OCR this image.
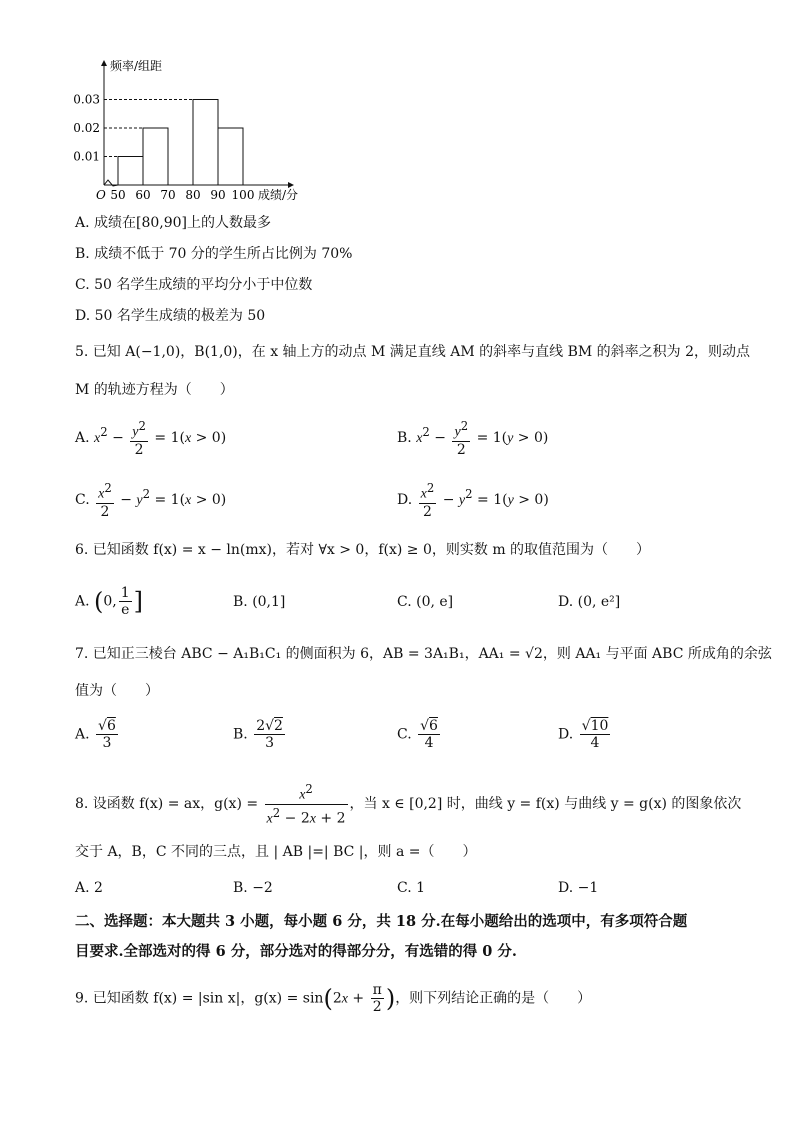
0.01
0.02
0.03
50 60 70 80 90 100
O
频率/组距
成绩/分
A. 成绩在[80,90]上的人数最多
B. 成绩不低于 70 分的学生所占比例为 70%
C. 50 名学生成绩的平均分小于中位数
D. 50 名学生成绩的极差为 50
5. 已知 A(−1,0)，B(1,0)，在 x 轴上方的动点 M 满足直线 AM 的斜率与直线 BM 的斜率之积为 2，则动点
M 的轨迹方程为（　　）
A. $x^2 - \frac{y^2}{2} = 1(x > 0)$	B. $x^2 - \frac{y^2}{2} = 1(y > 0)$
C. $\frac{x^2}{2} - y^2 = 1(x > 0)$	D. $\frac{x^2}{2} - y^2 = 1(y > 0)$
6. 已知函数 f(x) = x − ln(mx)，若对 ∀x > 0，f(x) ≥ 0，则实数 m 的取值范围为（　　）
A. (0, $\frac{1}{e}$ ]	B. (0,1]	C. (0, e]	D. (0, e²]
7. 已知正三棱台 ABC − A₁B₁C₁ 的侧面积为 6，AB = 3A₁B₁，AA₁ = √2，则 AA₁ 与平面 ABC 所成角的余弦
值为（　　）
A. $\frac{√6}{3}$	B. $\frac{2√2}{3}$	C. $\frac{√6}{4}$	D. $\frac{√10}{4}$
8. 设函数 f(x) = ax，$g(x) = \frac{x^2}{x^2 - 2x + 2}$ ，当 x ∈ [0,2] 时，曲线 y = f(x) 与曲线 y = g(x) 的图象依次
交于 A，B，C 不同的三点，且 | AB |=| BC |，则 a =（　　）
A. 2	B. −2	C. 1	D. −1
二、选择题：本大题共 3 小题，每小题 6 分，共 18 分.在每小题给出的选项中，有多项符合题
目要求.全部选对的得 6 分，部分选对的得部分分，有选错的得 0 分.
9. 已知函数 f(x) = |sin x|，$g(x) = \sin(2x + \frac{\pi}{2}$ )，则下列结论正确的是（　　）
